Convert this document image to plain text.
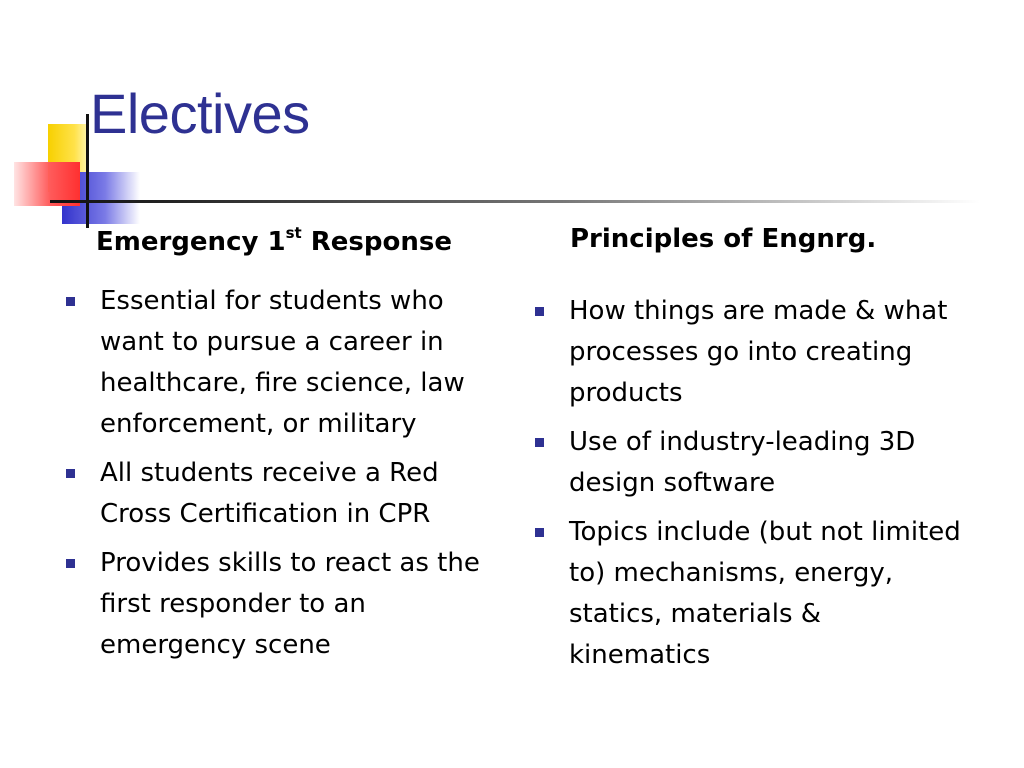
Electives
Emergency 1st Response	Principles of Engnrg.
Essential for students who want to pursue a career in healthcare, fire science, law enforcement, or military
All students receive a Red Cross Certification in CPR
Provides skills to react as the first responder to an emergency scene
How things are made & what processes go into creating products
Use of industry-leading 3D design software
Topics include (but not limited to) mechanisms, energy, statics, materials & kinematics
